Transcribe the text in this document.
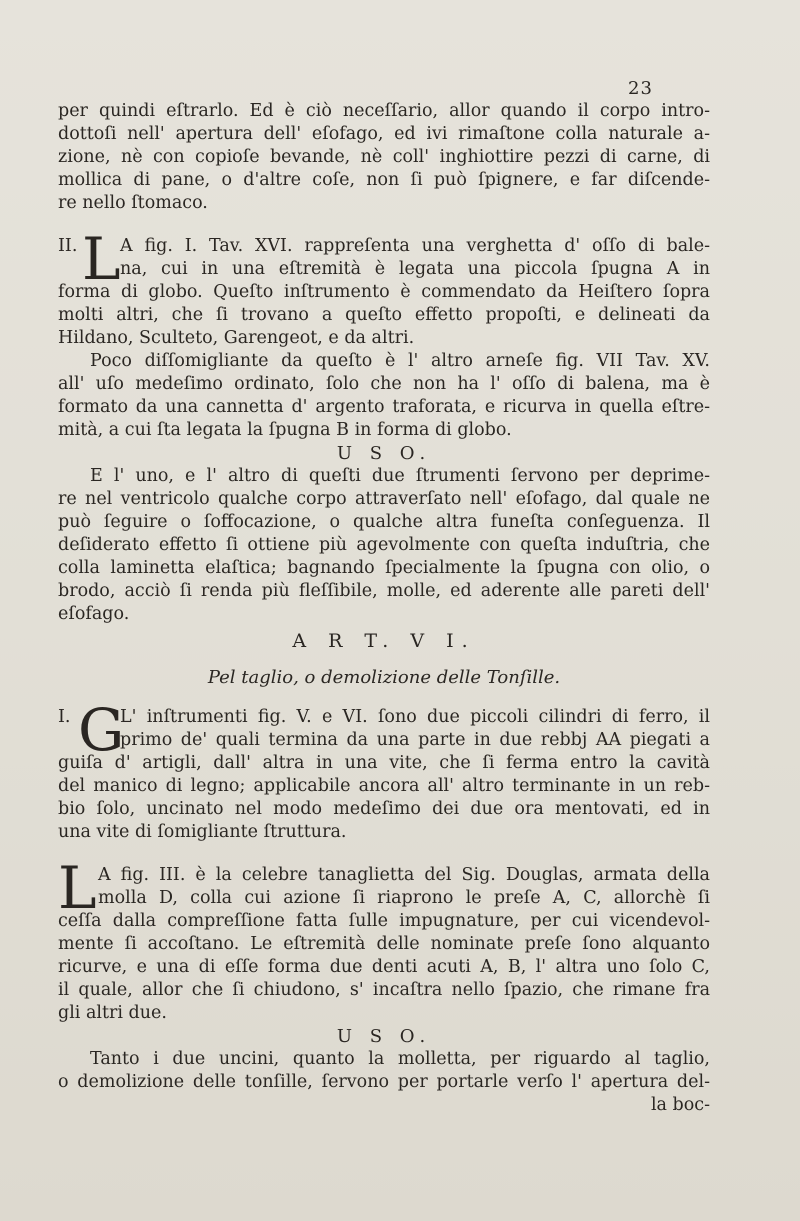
23
per quindi eſtrarlo. Ed è ciò neceſſario, allor quando il corpo intro-
dottoſi nell' apertura dell' eſofago, ed ivi rimaſtone colla naturale a-
zione, nè con copioſe bevande, nè coll' inghiottire pezzi di carne, di
mollica di pane, o d'altre coſe, non ſi può ſpignere, e far diſcende-
re nello ſtomaco.
II. L A fig. I. Tav. XVI. rappreſenta una verghetta d' oſſo di bale-
na, cui in una eſtremità è legata una piccola ſpugna A in
forma di globo. Queſto inſtrumento è commendato da Heiſtero ſopra
molti altri, che ſi trovano a queſto effetto propoſti, e delineati da
Hildano, Sculteto, Garengeot, e da altri.
Poco diſſomigliante da queſto è l' altro arneſe fig. VII Tav. XV.
all' uſo medeſimo ordinato, ſolo che non ha l' oſſo di balena, ma è
formato da una cannetta d' argento traforata, e ricurva in quella eſtre-
mità, a cui ſta legata la ſpugna B in forma di globo.
U S O.
E l' uno, e l' altro di queſti due ſtrumenti ſervono per deprime-
re nel ventricolo qualche corpo attraverſato nell' eſofago, dal quale ne
può ſeguire o ſoffocazione, o qualche altra funeſta conſeguenza. Il
deſiderato effetto ſi ottiene più agevolmente con queſta induſtria, che
colla laminetta elaſtica; bagnando ſpecialmente la ſpugna con olio, o
brodo, acciò ſi renda più fleſſibile, molle, ed aderente alle pareti dell'
eſofago.
A R T. V I.
Pel taglio, o demolizione delle Tonſille.
I. G
L' inſtrumenti fig. V. e VI. ſono due piccoli cilindri di ferro, il
primo de' quali termina da una parte in due rebbj AA piegati a
guiſa d' artigli, dall' altra in una vite, che ſi ferma entro la cavità
del manico di legno; applicabile ancora all' altro terminante in un reb-
bio ſolo, uncinato nel modo medeſimo dei due ora mentovati, ed in
una vite di ſomigliante ſtruttura.
L A fig. III. è la celebre tanaglietta del Sig. Douglas, armata della
molla D, colla cui azione ſi riaprono le preſe A, C, allorchè ſi
ceſſa dalla compreſſione fatta ſulle impugnature, per cui vicendevol-
mente ſi accoſtano. Le eſtremità delle nominate preſe ſono alquanto
ricurve, e una di eſſe forma due denti acuti A, B, l' altra uno ſolo C,
il quale, allor che ſi chiudono, s' incaſtra nello ſpazio, che rimane fra
gli altri due.
U S O.
Tanto i due uncini, quanto la molletta, per riguardo al taglio,
o demolizione delle tonſille, ſervono per portarle verſo l' apertura del-
la boc-
